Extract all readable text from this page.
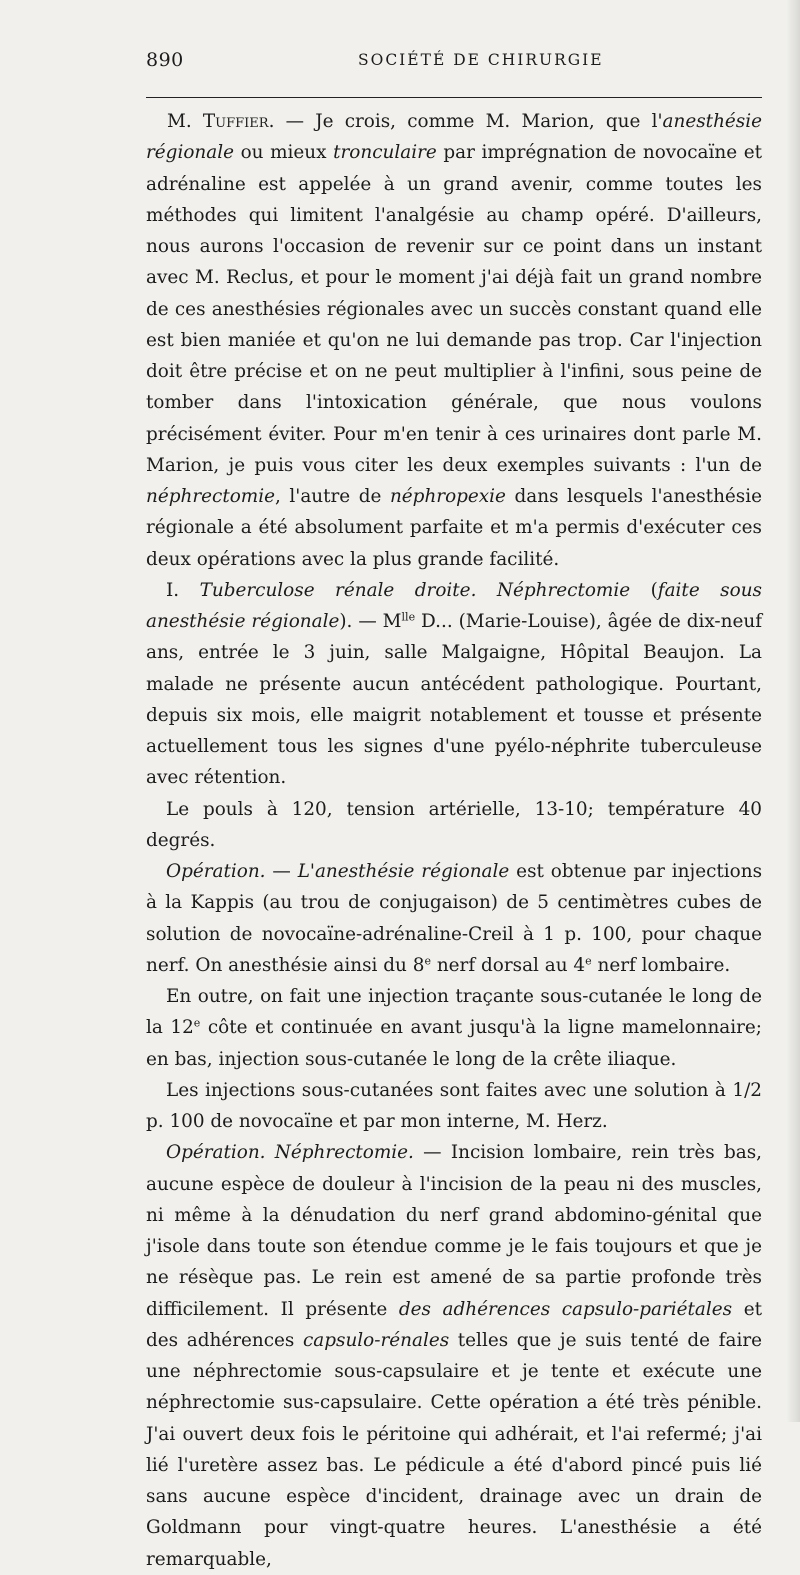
890	SOCIÉTÉ DE CHIRURGIE

M. Tuffier. — Je crois, comme M. Marion, que l'anesthésie régionale ou mieux tronculaire par imprégnation de novocaïne et adrénaline est appelée à un grand avenir, comme toutes les méthodes qui limitent l'analgésie au champ opéré. D'ailleurs, nous aurons l'occasion de revenir sur ce point dans un instant avec M. Reclus, et pour le moment j'ai déjà fait un grand nombre de ces anesthésies régionales avec un succès constant quand elle est bien maniée et qu'on ne lui demande pas trop. Car l'injection doit être précise et on ne peut multiplier à l'infini, sous peine de tomber dans l'intoxication générale, que nous voulons précisément éviter. Pour m'en tenir à ces urinaires dont parle M. Marion, je puis vous citer les deux exemples suivants : l'un de néphrectomie, l'autre de néphropexie dans lesquels l'anesthésie régionale a été absolument parfaite et m'a permis d'exécuter ces deux opérations avec la plus grande facilité.

I. Tuberculose rénale droite. Néphrectomie (faite sous anesthésie régionale). — $M^{lle}$ D... (Marie-Louise), âgée de dix-neuf ans, entrée le 3 juin, salle Malgaigne, Hôpital Beaujon. La malade ne présente aucun antécédent pathologique. Pourtant, depuis six mois, elle maigrit notablement et tousse et présente actuellement tous les signes d'une pyélo-néphrite tuberculeuse avec rétention.

Le pouls à 120, tension artérielle, 13-10; température 40 degrés.

Opération. — L'anesthésie régionale est obtenue par injections à la Kappis (au trou de conjugaison) de 5 centimètres cubes de solution de novocaïne-adrénaline-Creil à 1 p. 100, pour chaque nerf. On anesthésie ainsi du 8e nerf dorsal au 4e nerf lombaire.

En outre, on fait une injection traçante sous-cutanée le long de la 12e côte et continuée en avant jusqu'à la ligne mamelonnaire; en bas, injection sous-cutanée le long de la crête iliaque.

Les injections sous-cutanées sont faites avec une solution à 1/2 p. 100 de novocaïne et par mon interne, M. Herz.

Opération. Néphrectomie. — Incision lombaire, rein très bas, aucune espèce de douleur à l'incision de la peau ni des muscles, ni même à la dénudation du nerf grand abdomino-génital que j'isole dans toute son étendue comme je le fais toujours et que je ne résèque pas. Le rein est amené de sa partie profonde très difficilement. Il présente des adhérences capsulo-pariétales et des adhérences capsulo-rénales telles que je suis tenté de faire une néphrectomie sous-capsulaire et je tente et exécute une néphrectomie sus-capsulaire. Cette opération a été très pénible. J'ai ouvert deux fois le péritoine qui adhérait, et l'ai refermé; j'ai lié l'uretère assez bas. Le pédicule a été d'abord pincé puis lié sans aucune espèce d'incident, drainage avec un drain de Goldmann pour vingt-quatre heures. L'anesthésie a été remarquable,
